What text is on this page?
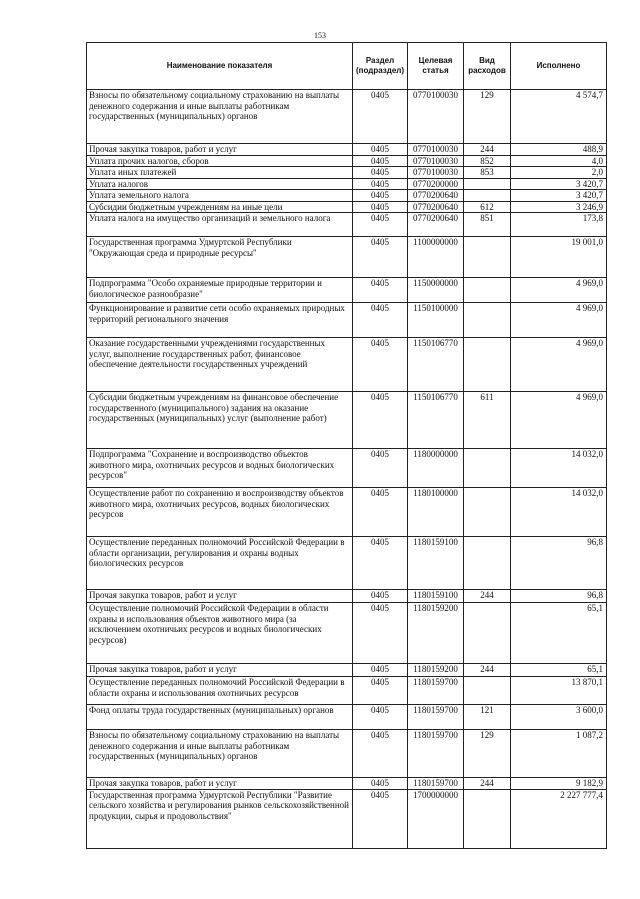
153
Наименование показателя	Раздел (подраздел)	Целевая статья	Вид расходов	Исполнено
Взносы по обязательному социальному страхованию на выплаты денежного содержания и иные выплаты работникам государственных (муниципальных) органов	0405	0770100030	129	4 574,7
Прочая закупка товаров, работ и услуг	0405	0770100030	244	488,9
Уплата прочих налогов, сборов	0405	0770100030	852	4,0
Уплата иных платежей	0405	0770100030	853	2,0
Уплата налогов	0405	0770200000		3 420,7
Уплата земельного налога	0405	0770200640		3 420,7
Субсидии бюджетным учреждениям на иные цели	0405	0770200640	612	3 246,9
Уплата налога на имущество организаций и земельного налога	0405	0770200640	851	173,8
Государственная программа Удмуртской Республики "Окружающая среда и природные ресурсы"	0405	1100000000		19 001,0
Подпрограмма "Особо охраняемые природные территории и биологическое разнообразие"	0405	1150000000		4 969,0
Функционирование и развитие сети особо охраняемых природных территорий регионального значения	0405	1150100000		4 969,0
Оказание государственными учреждениями государственных услуг, выполнение государственных работ, финансовое обеспечение деятельности государственных учреждений	0405	1150106770		4 969,0
Субсидии бюджетным учреждениям на финансовое обеспечение государственного (муниципального) задания на оказание государственных (муниципальных) услуг (выполнение работ)	0405	1150106770	611	4 969,0
Подпрограмма "Сохранение и воспроизводство объектов животного мира, охотничьих ресурсов и водных биологических ресурсов"	0405	1180000000		14 032,0
Осуществление работ по сохранению и воспроизводству объектов животного мира, охотничьих ресурсов, водных биологических ресурсов	0405	1180100000		14 032,0
Осуществление переданных полномочий Российской Федерации в области организации, регулирования и охраны водных биологических ресурсов	0405	1180159100		96,8
Прочая закупка товаров, работ и услуг	0405	1180159100	244	96,8
Осуществление полномочий Российской Федерации в области охраны и использования объектов животного мира (за исключением охотничьих ресурсов и водных биологических ресурсов)	0405	1180159200		65,1
Прочая закупка товаров, работ и услуг	0405	1180159200	244	65,1
Осуществление переданных полномочий Российской Федерации в области охраны и использования охотничьих ресурсов	0405	1180159700		13 870,1
Фонд оплаты труда государственных (муниципальных) органов	0405	1180159700	121	3 600,0
Взносы по обязательному социальному страхованию на выплаты денежного содержания и иные выплаты работникам государственных (муниципальных) органов	0405	1180159700	129	1 087,2
Прочая закупка товаров, работ и услуг	0405	1180159700	244	9 182,9
Государственная программа Удмуртской Республики "Развитие сельского хозяйства и регулирования рынков сельскохозяйственной продукции, сырья и продовольствия"	0405	1700000000		2 227 777,4
